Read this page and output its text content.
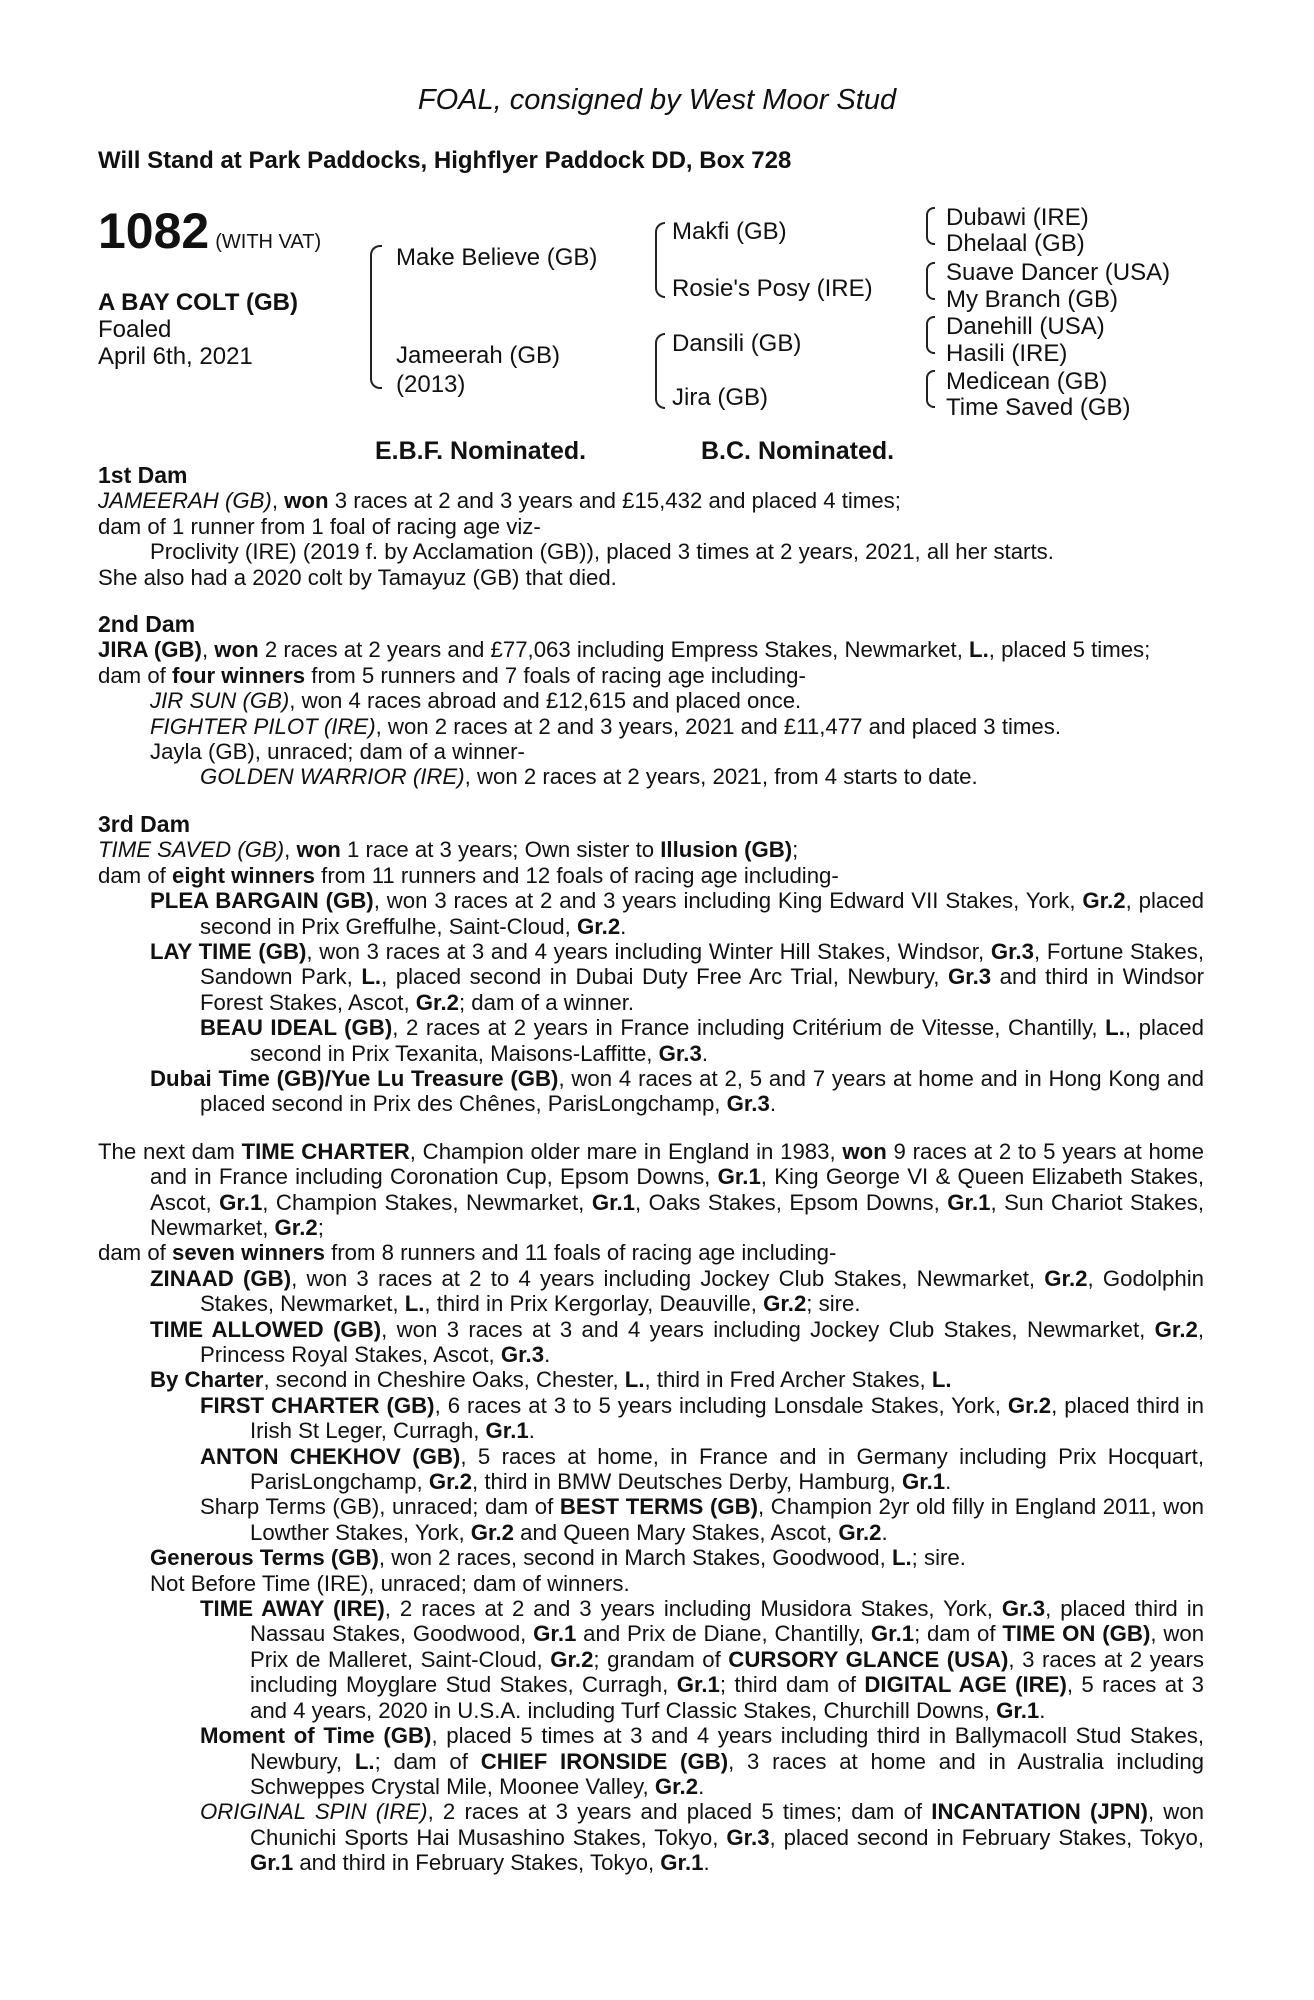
FOAL, consigned by West Moor Stud
Will Stand at Park Paddocks, Highflyer Paddock DD, Box 728
1082 (WITH VAT)
A BAY COLT (GB)
Foaled
April 6th, 2021
Make Believe (GB)
Jameerah (GB)
(2013)
Makfi (GB)
Rosie's Posy (IRE)
Dansili (GB)
Jira (GB)
Dubawi (IRE)
Dhelaal (GB)
Suave Dancer (USA)
My Branch (GB)
Danehill (USA)
Hasili (IRE)
Medicean (GB)
Time Saved (GB)
E.B.F. Nominated.	B.C. Nominated.

1st Dam

JAMEERAH (GB), won 3 races at 2 and 3 years and £15,432 and placed 4 times;

dam of 1 runner from 1 foal of racing age viz-

Proclivity (IRE) (2019 f. by Acclamation (GB)), placed 3 times at 2 years, 2021, all her starts.

She also had a 2020 colt by Tamayuz (GB) that died.

2nd Dam

JIRA (GB), won 2 races at 2 years and £77,063 including Empress Stakes, Newmarket, L., placed 5 times;

dam of four winners from 5 runners and 7 foals of racing age including-

JIR SUN (GB), won 4 races abroad and £12,615 and placed once.

FIGHTER PILOT (IRE), won 2 races at 2 and 3 years, 2021 and £11,477 and placed 3 times.

Jayla (GB), unraced; dam of a winner-

GOLDEN WARRIOR (IRE), won 2 races at 2 years, 2021, from 4 starts to date.

3rd Dam

TIME SAVED (GB), won 1 race at 3 years; Own sister to Illusion (GB);

dam of eight winners from 11 runners and 12 foals of racing age including-

PLEA BARGAIN (GB), won 3 races at 2 and 3 years including King Edward VII Stakes, York, Gr.2, placed second in Prix Greffulhe, Saint-Cloud, Gr.2.

LAY TIME (GB), won 3 races at 3 and 4 years including Winter Hill Stakes, Windsor, Gr.3, Fortune Stakes, Sandown Park, L., placed second in Dubai Duty Free Arc Trial, Newbury, Gr.3 and third in Windsor Forest Stakes, Ascot, Gr.2; dam of a winner.

BEAU IDEAL (GB), 2 races at 2 years in France including Critérium de Vitesse, Chantilly, L., placed second in Prix Texanita, Maisons-Laffitte, Gr.3.

Dubai Time (GB)/Yue Lu Treasure (GB), won 4 races at 2, 5 and 7 years at home and in Hong Kong and placed second in Prix des Chênes, ParisLongchamp, Gr.3.

The next dam TIME CHARTER, Champion older mare in England in 1983, won 9 races at 2 to 5 years at home and in France including Coronation Cup, Epsom Downs, Gr.1, King George VI & Queen Elizabeth Stakes, Ascot, Gr.1, Champion Stakes, Newmarket, Gr.1, Oaks Stakes, Epsom Downs, Gr.1, Sun Chariot Stakes, Newmarket, Gr.2;

dam of seven winners from 8 runners and 11 foals of racing age including-

ZINAAD (GB), won 3 races at 2 to 4 years including Jockey Club Stakes, Newmarket, Gr.2, Godolphin Stakes, Newmarket, L., third in Prix Kergorlay, Deauville, Gr.2; sire.

TIME ALLOWED (GB), won 3 races at 3 and 4 years including Jockey Club Stakes, Newmarket, Gr.2, Princess Royal Stakes, Ascot, Gr.3.

By Charter, second in Cheshire Oaks, Chester, L., third in Fred Archer Stakes, L.

FIRST CHARTER (GB), 6 races at 3 to 5 years including Lonsdale Stakes, York, Gr.2, placed third in Irish St Leger, Curragh, Gr.1.

ANTON CHEKHOV (GB), 5 races at home, in France and in Germany including Prix Hocquart, ParisLongchamp, Gr.2, third in BMW Deutsches Derby, Hamburg, Gr.1.

Sharp Terms (GB), unraced; dam of BEST TERMS (GB), Champion 2yr old filly in England 2011, won Lowther Stakes, York, Gr.2 and Queen Mary Stakes, Ascot, Gr.2.

Generous Terms (GB), won 2 races, second in March Stakes, Goodwood, L.; sire.

Not Before Time (IRE), unraced; dam of winners.

TIME AWAY (IRE), 2 races at 2 and 3 years including Musidora Stakes, York, Gr.3, placed third in Nassau Stakes, Goodwood, Gr.1 and Prix de Diane, Chantilly, Gr.1; dam of TIME ON (GB), won Prix de Malleret, Saint-Cloud, Gr.2; grandam of CURSORY GLANCE (USA), 3 races at 2 years including Moyglare Stud Stakes, Curragh, Gr.1; third dam of DIGITAL AGE (IRE), 5 races at 3 and 4 years, 2020 in U.S.A. including Turf Classic Stakes, Churchill Downs, Gr.1.

Moment of Time (GB), placed 5 times at 3 and 4 years including third in Ballymacoll Stud Stakes, Newbury, L.; dam of CHIEF IRONSIDE (GB), 3 races at home and in Australia including Schweppes Crystal Mile, Moonee Valley, Gr.2.

ORIGINAL SPIN (IRE), 2 races at 3 years and placed 5 times; dam of INCANTATION (JPN), won Chunichi Sports Hai Musashino Stakes, Tokyo, Gr.3, placed second in February Stakes, Tokyo, Gr.1 and third in February Stakes, Tokyo, Gr.1.
